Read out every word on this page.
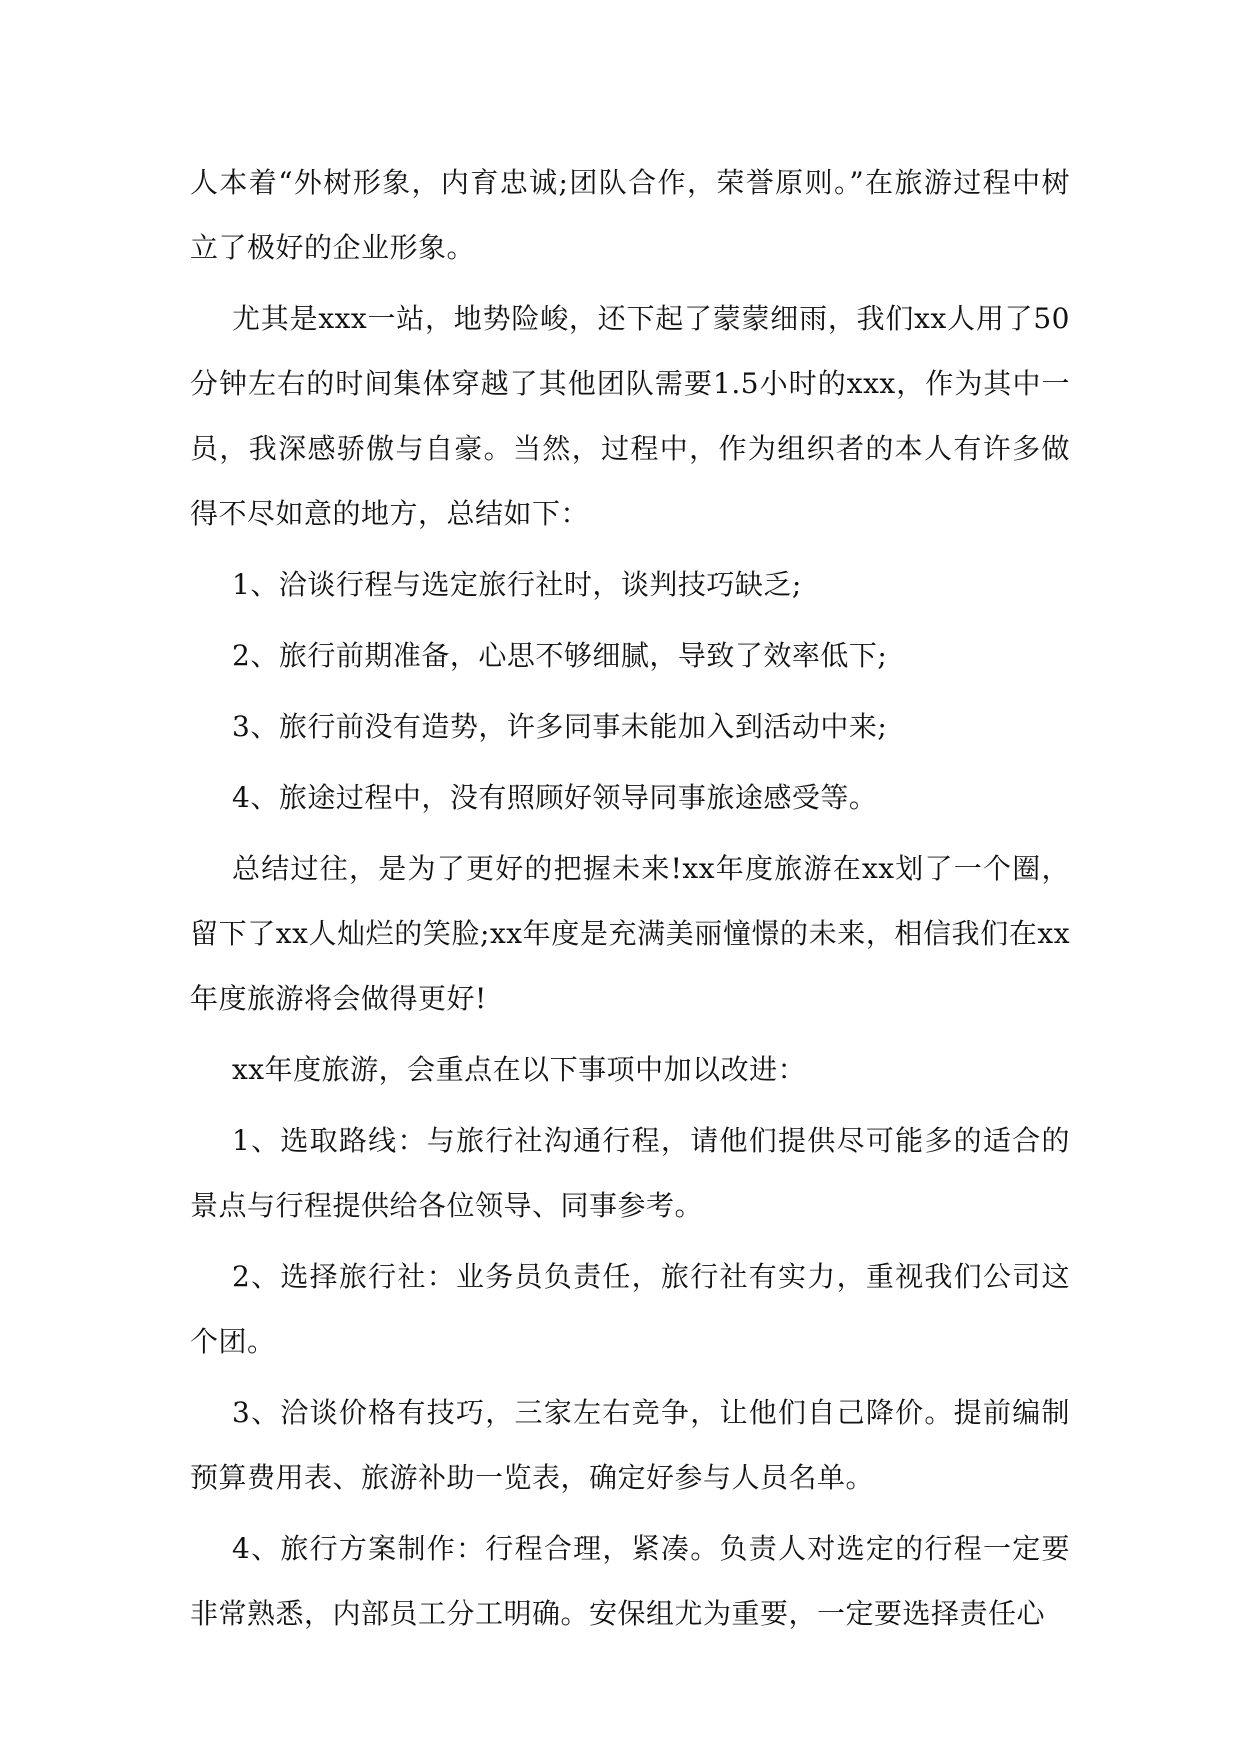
人本着“外树形象，内育忠诚;团队合作，荣誉原则。”在旅游过程中树立了极好的企业形象。

尤其是xxx一站，地势险峻，还下起了蒙蒙细雨，我们xx人用了50分钟左右的时间集体穿越了其他团队需要1.5小时的xxx，作为其中一员，我深感骄傲与自豪。当然，过程中，作为组织者的本人有许多做得不尽如意的地方，总结如下：

1、洽谈行程与选定旅行社时，谈判技巧缺乏;

2、旅行前期准备，心思不够细腻，导致了效率低下;

3、旅行前没有造势，许多同事未能加入到活动中来;

4、旅途过程中，没有照顾好领导同事旅途感受等。

总结过往，是为了更好的把握未来!xx年度旅游在xx划了一个圈，留下了xx人灿烂的笑脸;xx年度是充满美丽憧憬的未来，相信我们在xx年度旅游将会做得更好!

xx年度旅游，会重点在以下事项中加以改进：

1、选取路线：与旅行社沟通行程，请他们提供尽可能多的适合的景点与行程提供给各位领导、同事参考。

2、选择旅行社：业务员负责任，旅行社有实力，重视我们公司这个团。

3、洽谈价格有技巧，三家左右竞争，让他们自己降价。提前编制预算费用表、旅游补助一览表，确定好参与人员名单。

4、旅行方案制作：行程合理，紧凑。负责人对选定的行程一定要非常熟悉，内部员工分工明确。安保组尤为重要，一定要选择责任心
